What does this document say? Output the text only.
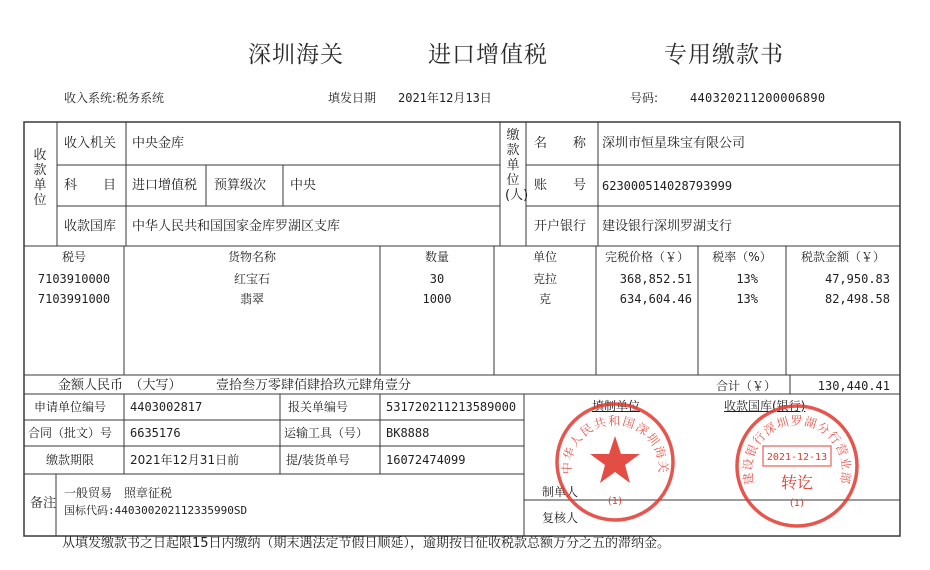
深圳海关	进口增值税	专用缴款书
收入系统:税务系统	填发日期 2021年12月13日	号码:	440320211200006890
收款单位
收入机关 中央金库
科　　目 进口增值税 预算级次 中央
收款国库 中华人民共和国国家金库罗湖区支库
缴款单位(人)
名　　称 深圳市恒星珠宝有限公司
账　　号 623000514028793999
开户银行 建设银行深圳罗湖支行
税号	货物名称	数量	单位	完税价格（￥）	税率（%）	税款金额（￥）
7103910000	红宝石	30	克拉	368,852.51	13%	47,950.83
7103991000	翡翠	1000	克	634,604.46	13%	82,498.58
金额人民币　（大写）	壹拾叁万零肆佰肆拾玖元肆角壹分	合计（￥）	130,440.41
申请单位编号 4403002817	报关单编号	531720211213589000
合同（批文）号 6635176	运输工具（号） BK8888
缴款期限	2021年12月31日前	提/装货单号	16072474099
备注
一般贸易　照章征税
国标代码:440300202112335990SD
制单人
复核人
填制单位	收款国库(银行)
从填发缴款书之日起限15日内缴纳（期末遇法定节假日顺延），逾期按日征收税款总额万分之五的滞纳金。
中华人民共和国深圳海关
(1)
建设银行深圳罗湖分行营业部
2021-12-13
转讫
(1)
